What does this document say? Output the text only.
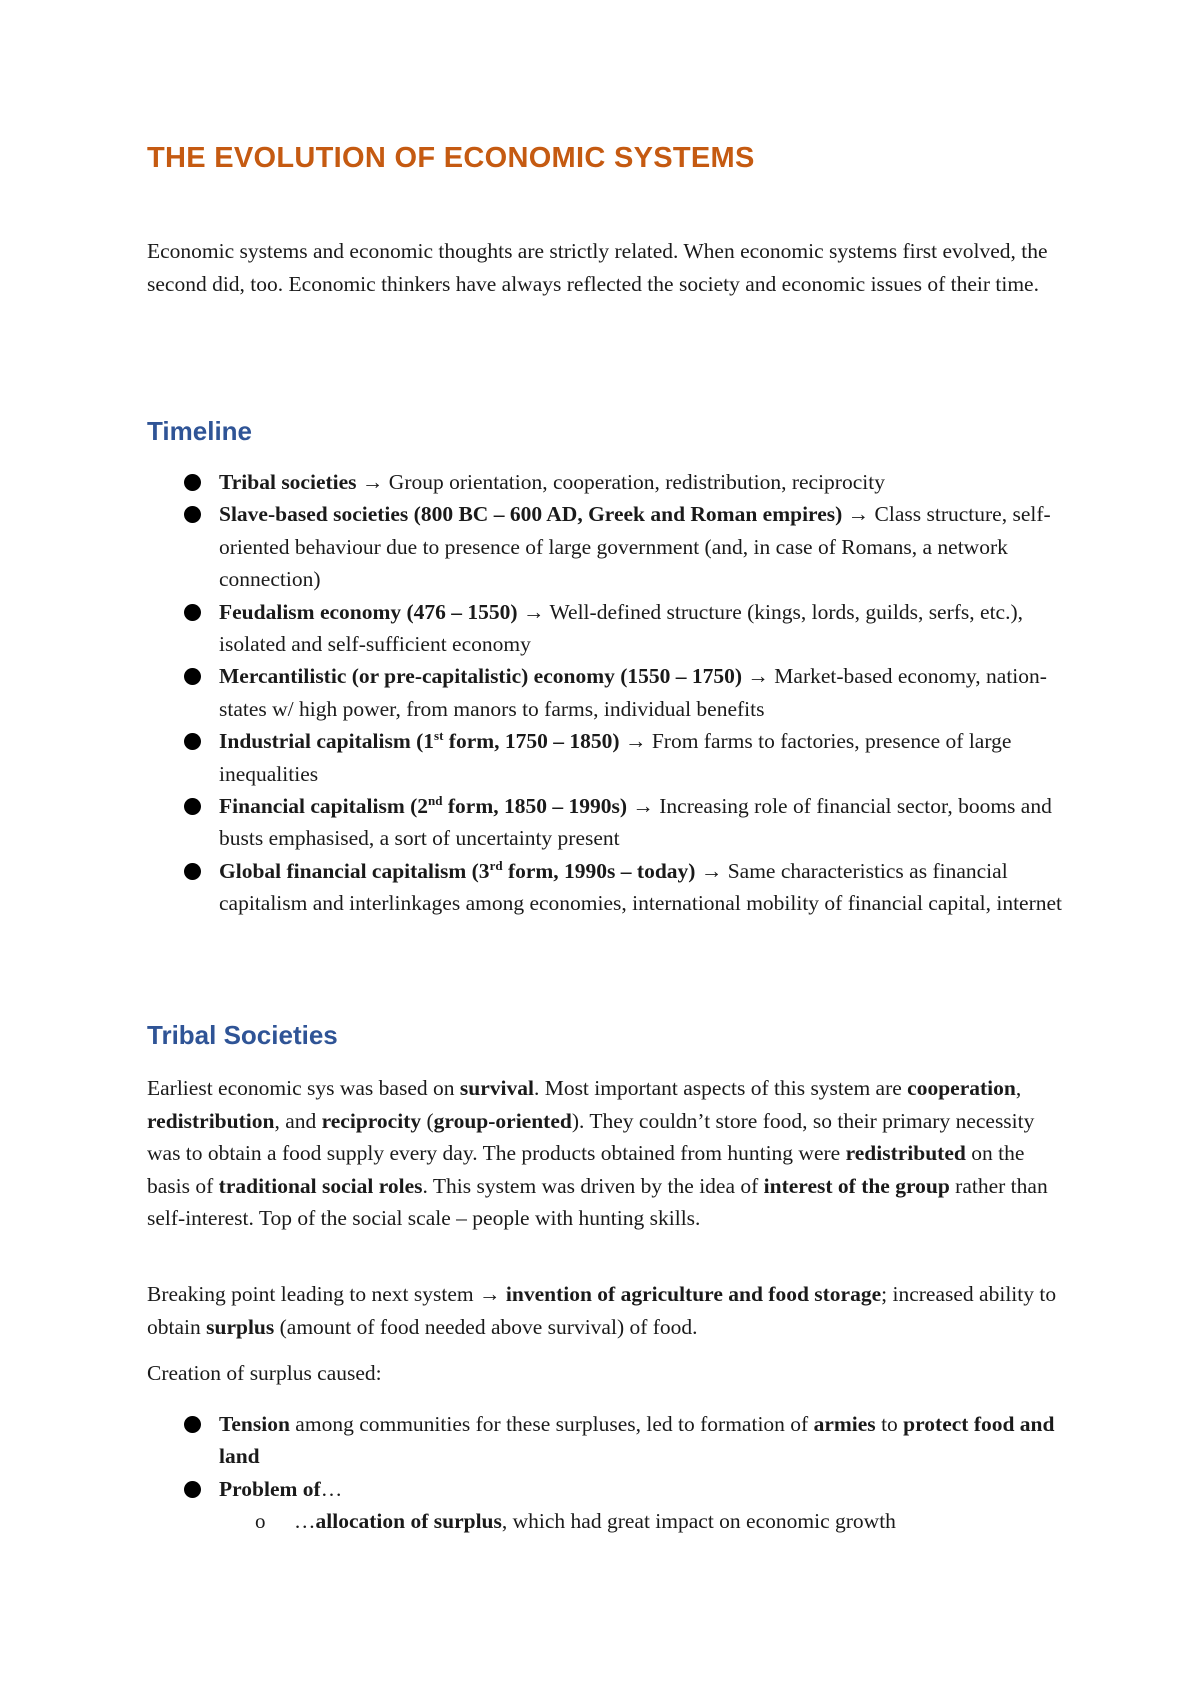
THE EVOLUTION OF ECONOMIC SYSTEMS

Economic systems and economic thoughts are strictly related. When economic systems first evolved, the second did, too. Economic thinkers have always reflected the society and economic issues of their time.

Timeline
Tribal societies → Group orientation, cooperation, redistribution, reciprocity
Slave-based societies (800 BC – 600 AD, Greek and Roman empires) → Class structure, self-oriented behaviour due to presence of large government (and, in case of Romans, a network connection)
Feudalism economy (476 – 1550) → Well-defined structure (kings, lords, guilds, serfs, etc.), isolated and self-sufficient economy
Mercantilistic (or pre-capitalistic) economy (1550 – 1750) → Market-based economy, nation-states w/ high power, from manors to farms, individual benefits
Industrial capitalism (1st form, 1750 – 1850) → From farms to factories, presence of large inequalities
Financial capitalism (2nd form, 1850 – 1990s) → Increasing role of financial sector, booms and busts emphasised, a sort of uncertainty present
Global financial capitalism (3rd form, 1990s – today) → Same characteristics as financial capitalism and interlinkages among economies, international mobility of financial capital, internet
Tribal Societies

Earliest economic sys was based on survival. Most important aspects of this system are cooperation, redistribution, and reciprocity (group-oriented). They couldn’t store food, so their primary necessity was to obtain a food supply every day. The products obtained from hunting were redistributed on the basis of traditional social roles. This system was driven by the idea of interest of the group rather than self-interest. Top of the social scale – people with hunting skills.

Breaking point leading to next system → invention of agriculture and food storage; increased ability to obtain surplus (amount of food needed above survival) of food.

Creation of surplus caused:

Tension among communities for these surpluses, led to formation of armies to protect food and land
Problem of…
o …allocation of surplus, which had great impact on economic growth
